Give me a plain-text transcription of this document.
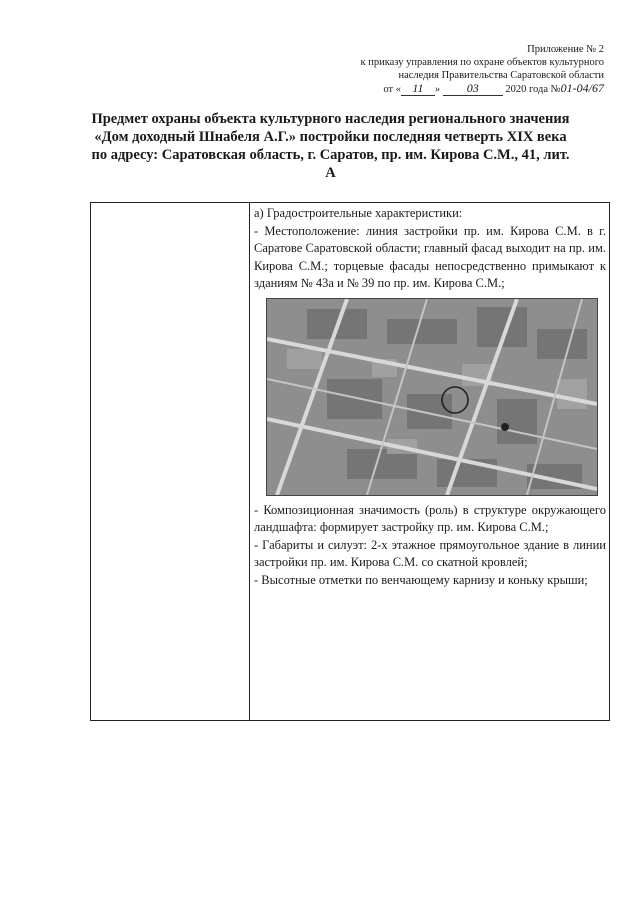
Приложение № 2
к приказу управления по охране объектов культурного
наследия Правительства Саратовской области
от « 11 » 03	2020 года №01-04/67
Предмет охраны объекта культурного наследия регионального значения «Дом доходный Шнабеля А.Г.» постройки последняя четверть XIX века по адресу: Саратовская область, г. Саратов, пр. им. Кирова С.М., 41, лит. А

а) Градостроительные характеристики:

- Местоположение: линия застройки пр. им. Кирова С.М. в г. Саратове Саратовской области; главный фасад выходит на пр. им. Кирова С.М.; торцевые фасады непосредственно примыкают к зданиям № 43а и № 39 по пр. им. Кирова С.М.;

- Композиционная значимость (роль) в структуре окружающего ландшафта: формирует застройку пр. им. Кирова С.М.;

- Габариты и силуэт: 2-х этажное прямоугольное здание в линии застройки пр. им. Кирова С.М. со скатной кровлей;

- Высотные отметки по венчающему карнизу и коньку крыши;
